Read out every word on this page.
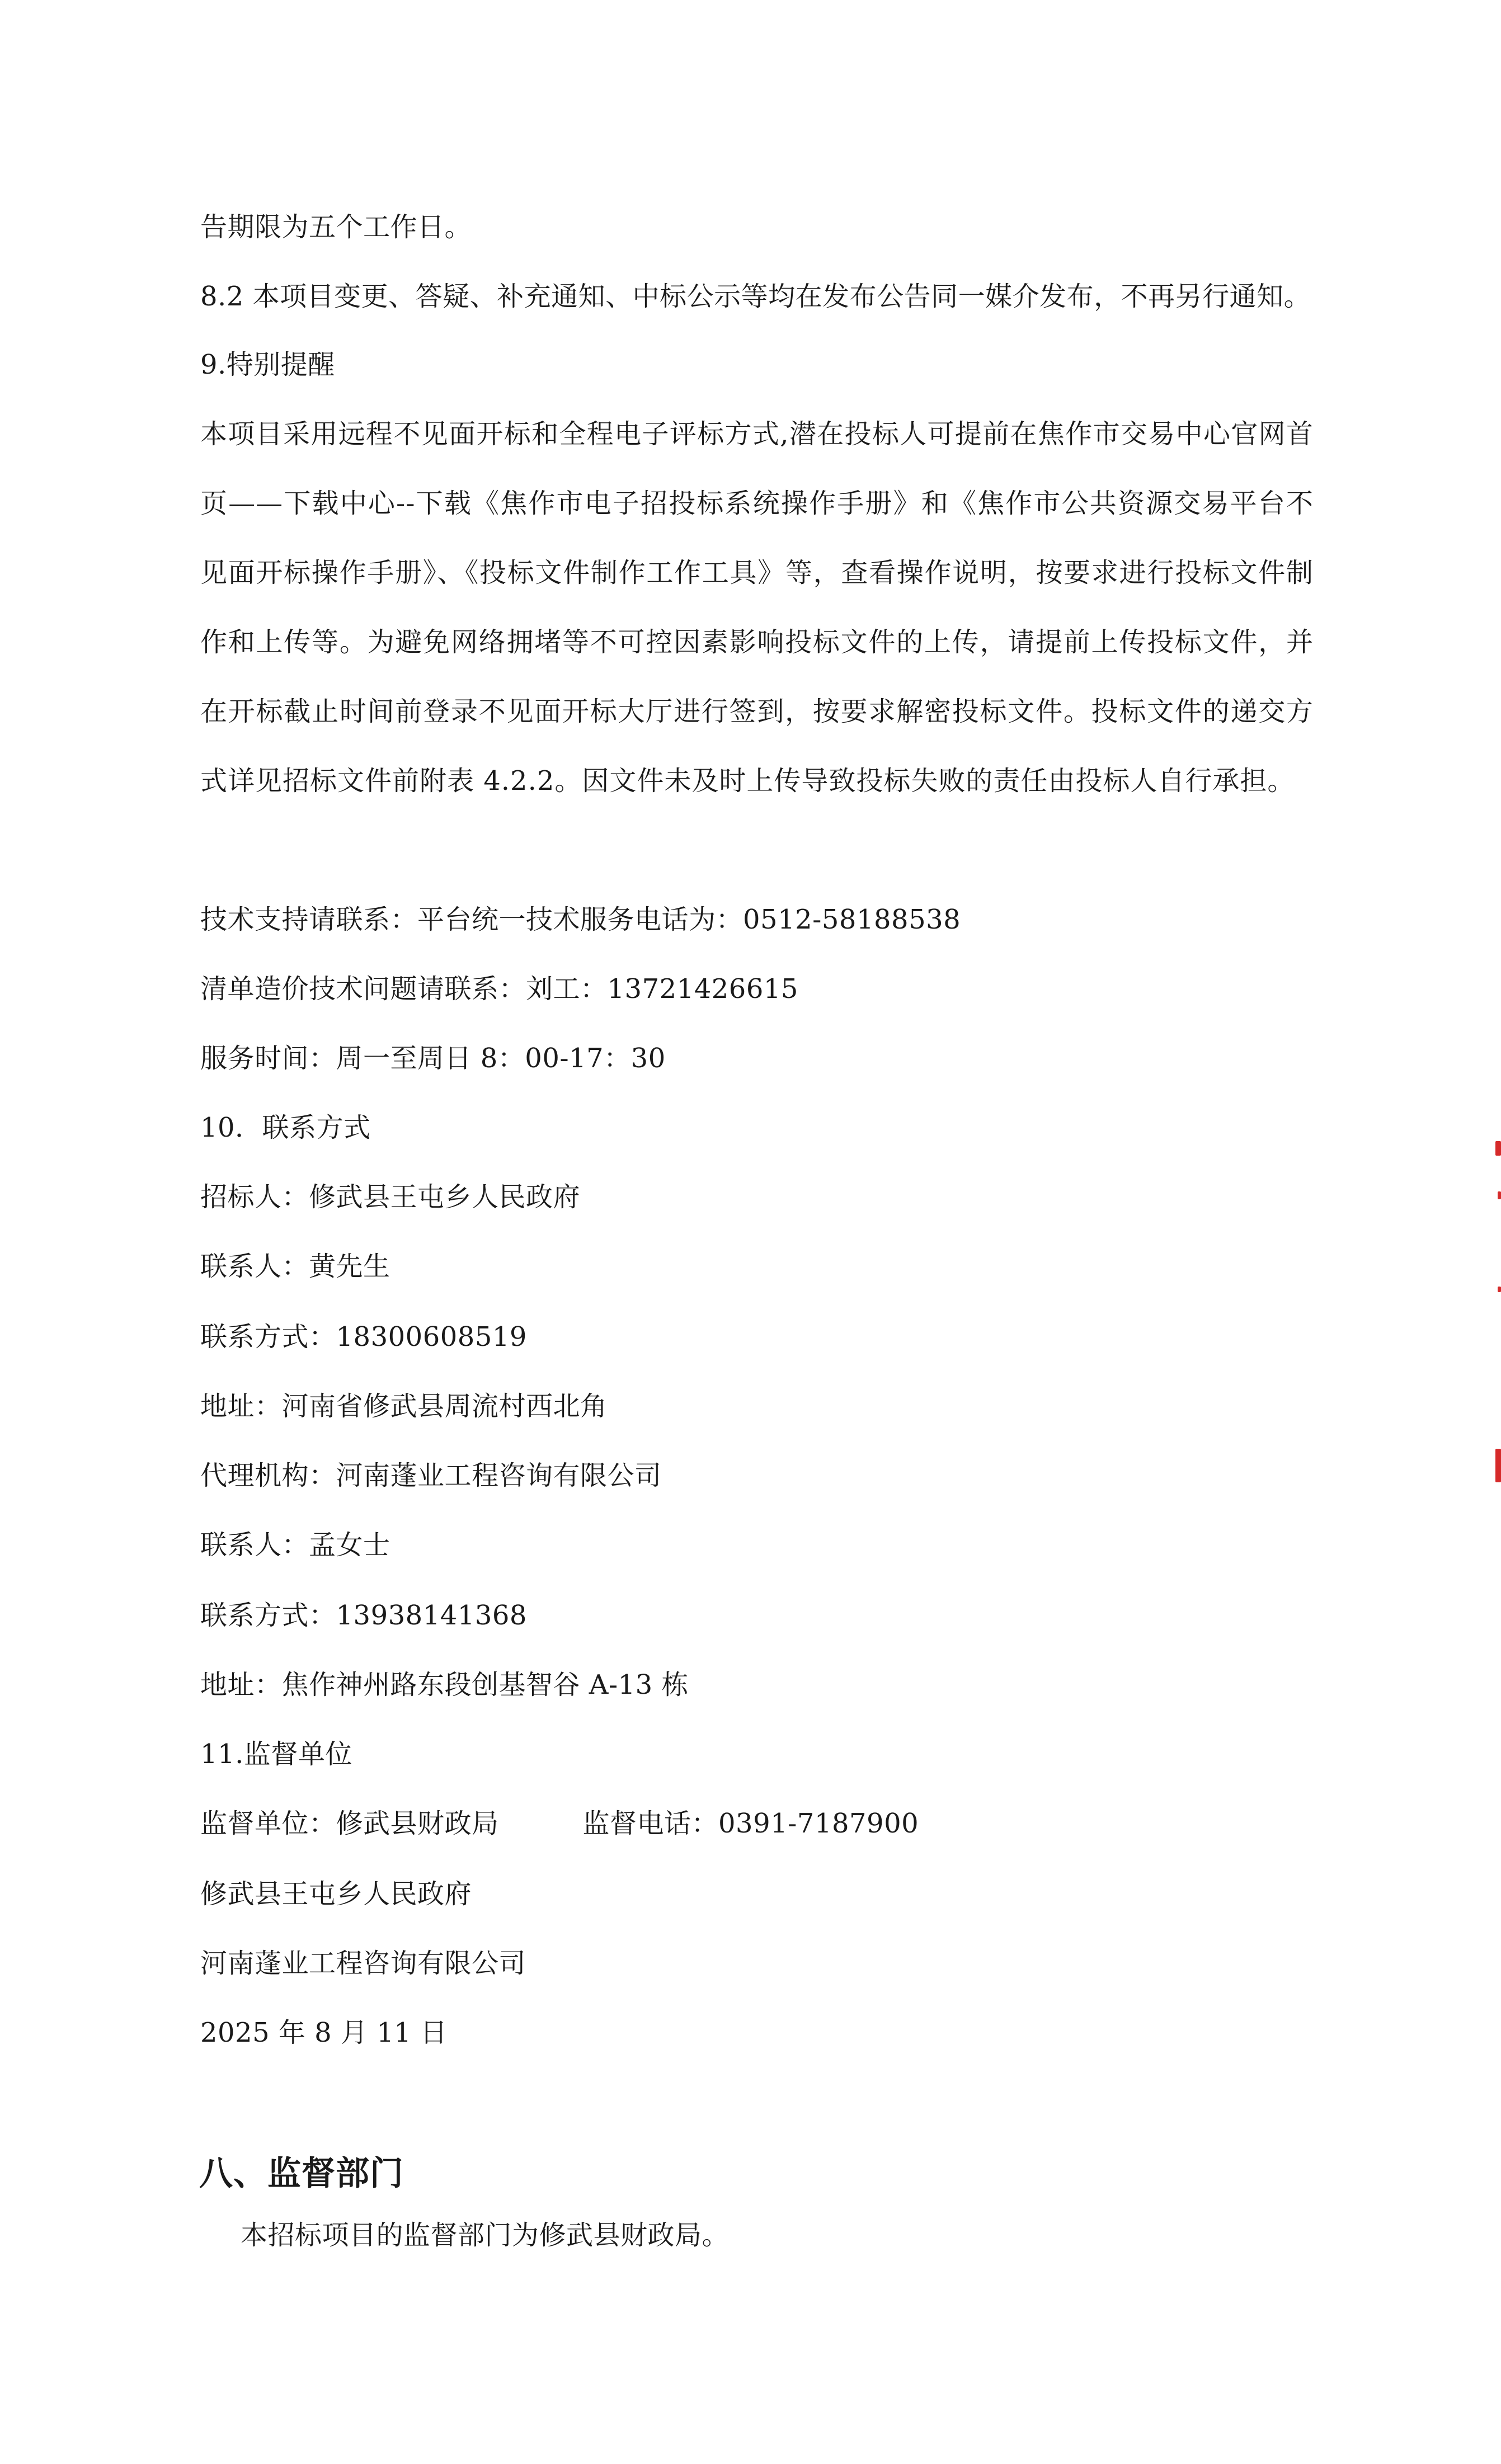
告期限为五个工作日。
8.2 本项目变更、答疑、补充通知、中标公示等均在发布公告同一媒介发布，不再另行通知。
9.特别提醒
本项目采用远程不见面开标和全程电子评标方式,潜在投标人可提前在焦作市交易中心官网首页——下载中心--下载《焦作市电子招投标系统操作手册》和《焦作市公共资源交易平台不见面开标操作手册》、《投标文件制作工作工具》等，查看操作说明，按要求进行投标文件制作和上传等。为避免网络拥堵等不可控因素影响投标文件的上传，请提前上传投标文件，并在开标截止时间前登录不见面开标大厅进行签到，按要求解密投标文件。投标文件的递交方式详见招标文件前附表 4.2.2。因文件未及时上传导致投标失败的责任由投标人自行承担。
技术支持请联系：平台统一技术服务电话为：0512-58188538
清单造价技术问题请联系：刘工：13721426615
服务时间：周一至周日 8：00-17：30
10．联系方式
招标人：修武县王屯乡人民政府
联系人：黄先生
联系方式：18300608519
地址：河南省修武县周流村西北角
代理机构：河南蓬业工程咨询有限公司
联系人：孟女士
联系方式：13938141368
地址：焦作神州路东段创基智谷 A-13 栋
11.监督单位
监督单位：修武县财政局	监督电话：0391-7187900
修武县王屯乡人民政府
河南蓬业工程咨询有限公司
2025 年 8 月 11 日
八、监督部门
本招标项目的监督部门为修武县财政局。
